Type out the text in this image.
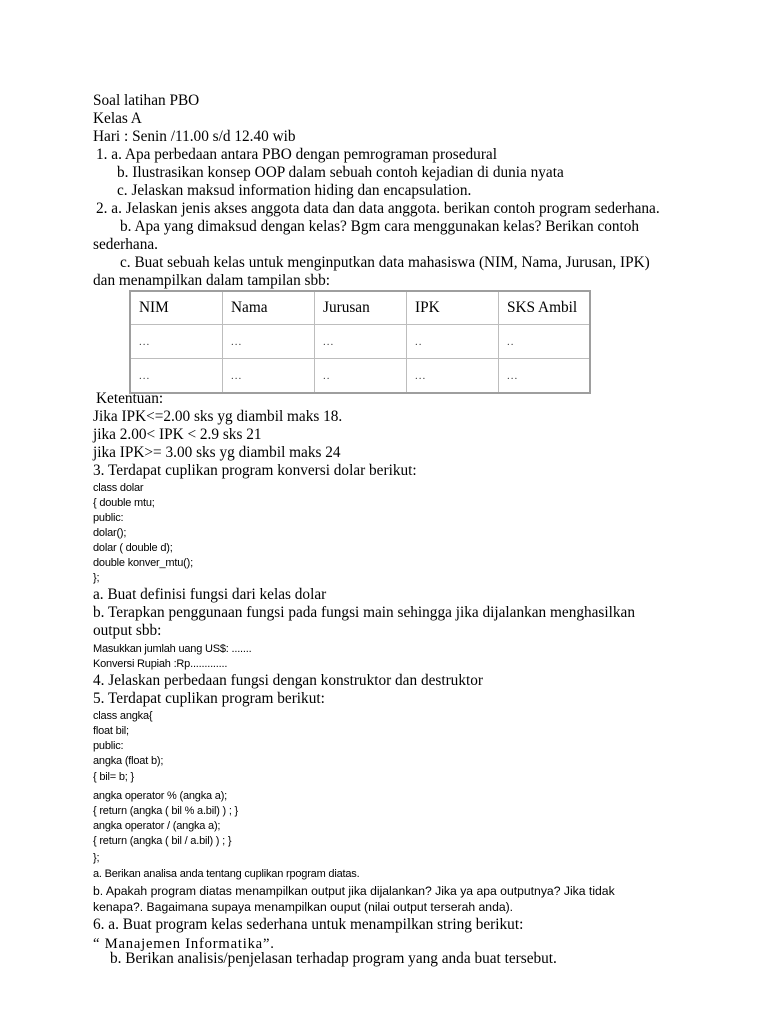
Soal latihan PBO
Kelas A
Hari : Senin /11.00 s/d 12.40 wib
1. a. Apa perbedaan antara PBO dengan pemrograman prosedural
b. Ilustrasikan konsep OOP dalam sebuah contoh kejadian di dunia nyata
c. Jelaskan maksud information hiding dan encapsulation.
2. a. Jelaskan jenis akses anggota data dan data anggota. berikan contoh program sederhana.
b. Apa yang dimaksud dengan kelas? Bgm cara menggunakan kelas? Berikan contoh
sederhana.
c. Buat sebuah kelas untuk menginputkan data mahasiswa (NIM, Nama, Jurusan, IPK)
dan menampilkan dalam tampilan sbb:
NIM	Nama	Jurusan	IPK	SKS Ambil
...	...	...	..	..
...	...	..	...	...
Ketentuan:
Jika IPK<=2.00 sks yg diambil maks 18.
jika 2.00< IPK < 2.9 sks 21
jika IPK>= 3.00 sks yg diambil maks 24
3. Terdapat cuplikan program konversi dolar berikut:
class dolar
{ double mtu;
public:
dolar();
dolar ( double d);
double konver_mtu();
};
a. Buat definisi fungsi dari kelas dolar
b. Terapkan penggunaan fungsi pada fungsi main sehingga jika dijalankan menghasilkan
output sbb:
Masukkan jumlah uang US$: .......
Konversi Rupiah :Rp.............
4. Jelaskan perbedaan fungsi dengan konstruktor dan destruktor
5. Terdapat cuplikan program berikut:
class angka{
float bil;
public:
angka (float b);
{ bil= b; }
angka operator % (angka a);
{ return (angka ( bil % a.bil) ) ; }
angka operator / (angka a);
{ return (angka ( bil / a.bil) ) ; }
};
a. Berikan analisa anda tentang cuplikan rpogram diatas.
b. Apakah program diatas menampilkan output jika dijalankan? Jika ya apa outputnya? Jika tidak
kenapa?. Bagaimana supaya menampilkan ouput (nilai output terserah anda).
6. a. Buat program kelas sederhana untuk menampilkan string berikut:
“ Manajemen Informatika”.
b. Berikan analisis/penjelasan terhadap program yang anda buat tersebut.
